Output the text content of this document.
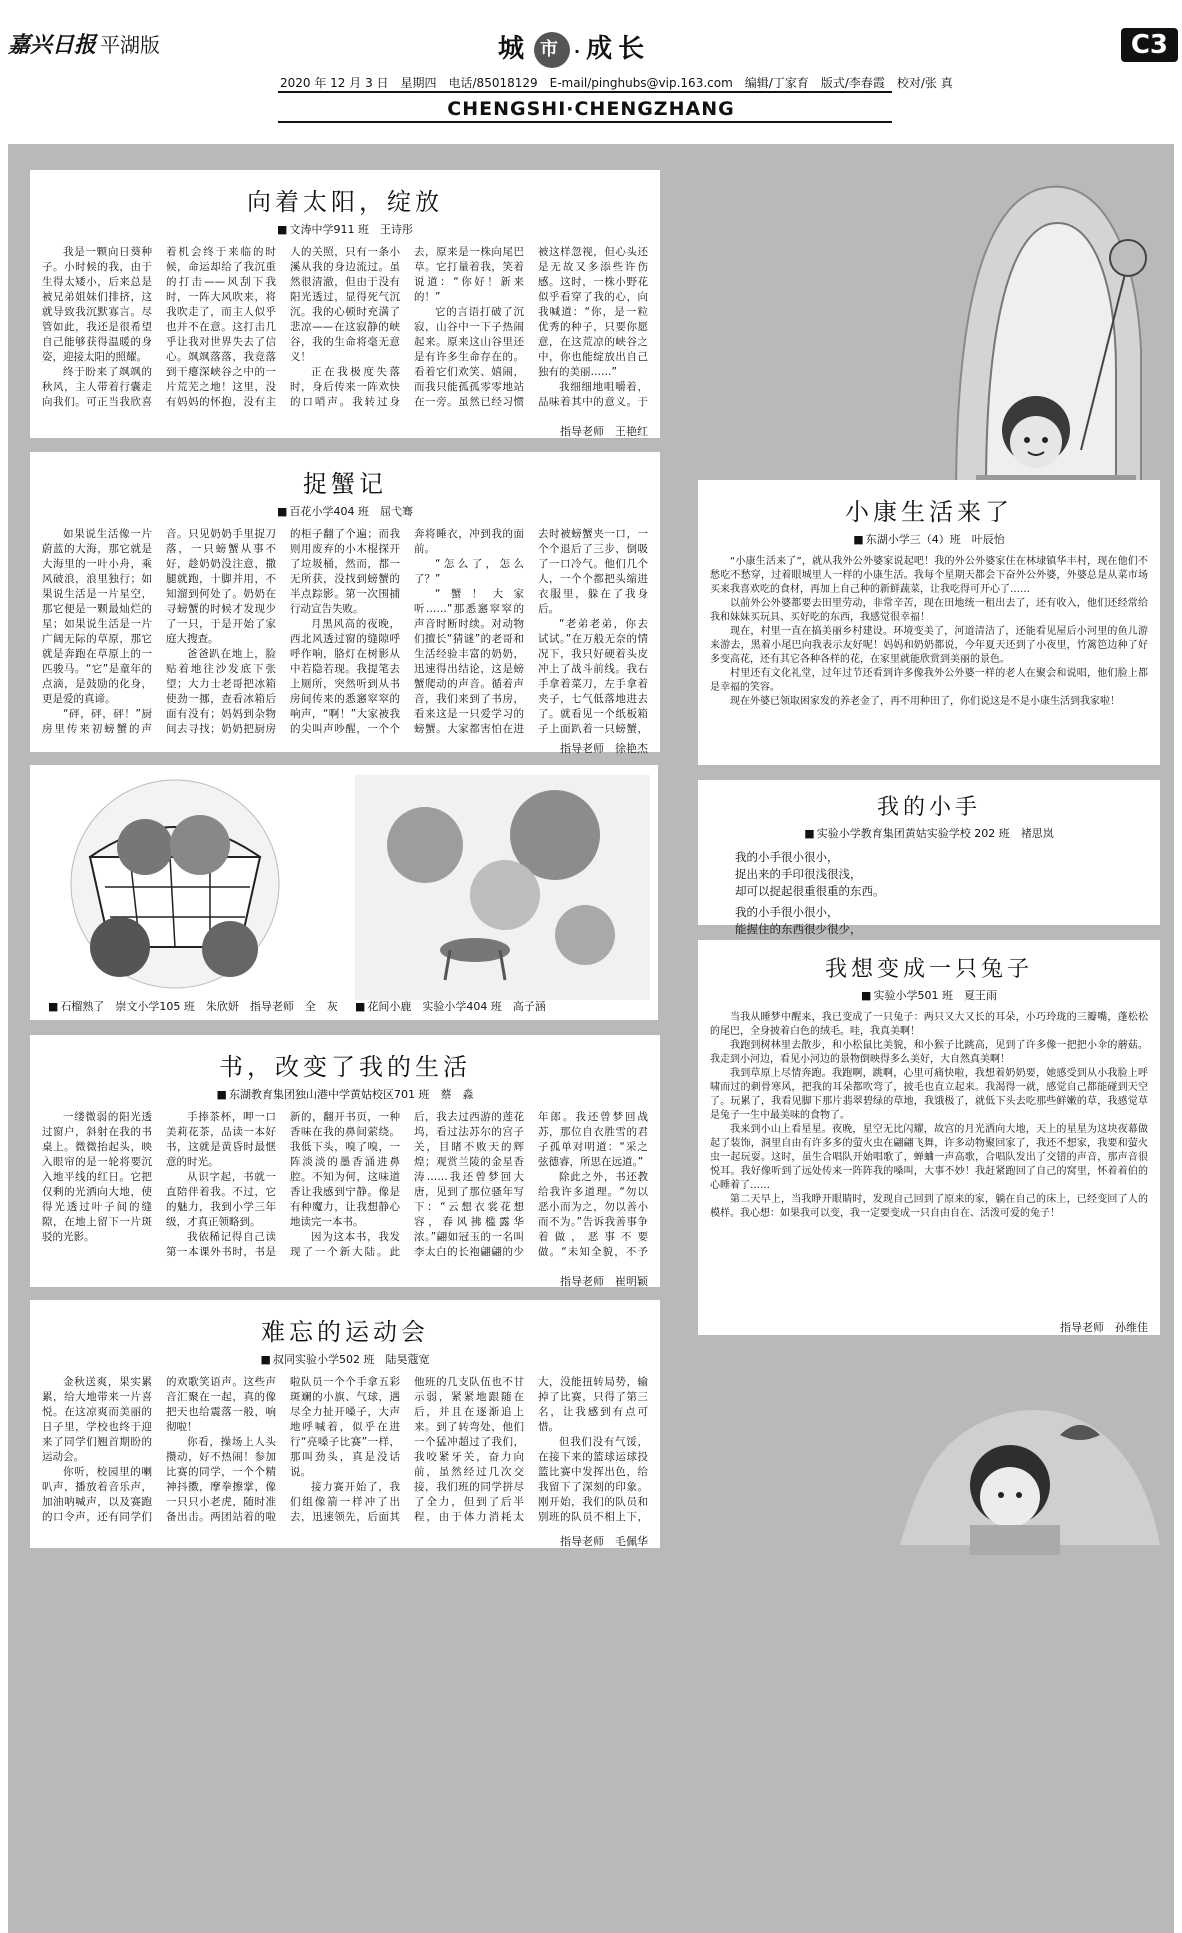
嘉兴日报 平湖版	城 市 ·成长	C3
2020 年 12 月 3 日　星期四　电话/85018129　E-mail/pinghubs@vip.163.com　编辑/丁家育　版式/李春霞　校对/张 真
CHENGSHI·CHENGZHANG
向着太阳，绽放
■ 文涛中学911 班　王诗彤

我是一颗向日葵种子。小时候的我，由于生得太矮小，后来总是被兄弟姐妹们排挤，这就导致我沉默寡言。尽管如此，我还是很希望自己能够获得温暖的身姿，迎接太阳的照耀。

终于盼来了飒飒的秋风，主人带着行囊走向我们。可正当我欣喜着机会终于来临的时候，命运却给了我沉重的打击——风刮下我时，一阵大风吹来，将我吹走了，而主人似乎也并不在意。这打击几乎让我对世界失去了信心。飒飒落落，我竟落到干瘪深峡谷之中的一片荒芜之地！这里，没有妈妈的怀抱，没有主人的关照，只有一条小溪从我的身边流过。虽然很清澈，但由于没有阳光透过，显得死气沉沉。我的心顿时充满了悲凉——在这寂静的峡谷，我的生命将毫无意义！

正在我极度失落时，身后传来一阵欢快的口哨声。我转过身去，原来是一株向尾巴草。它打量着我，笑着说道：“你好！新来的！”

它的言语打破了沉寂，山谷中一下子热闹起来。原来这山谷里还是有许多生命存在的。看着它们欢笑、嬉闹，而我只能孤孤零零地站在一旁。虽然已经习惯被这样忽视，但心头还是无故又多添些许伤感。这时，一株小野花似乎看穿了我的心，向我喊道：“你，是一粒优秀的种子，只要你愿意，在这荒凉的峡谷之中，你也能绽放出自己独有的美丽……”

我细细地咀嚼着，品味着其中的意义。于

指导老师　王艳红
捉蟹记
■ 百花小学404 班　屈弋骞

如果说生活像一片蔚蓝的大海，那它就是大海里的一叶小舟，乘风破浪，浪里独行；如果说生活是一片星空，那它便是一颗最灿烂的星；如果说生活是一片广阔无际的草原，那它就是奔跑在草原上的一匹骏马。“它”是童年的点滴，是鼓励的化身，更是爱的真谛。

“砰，砰，砰！”厨房里传来初螃蟹的声音。只见奶奶手里捉刀落，一只螃蟹从事不好，趁奶奶没注意，撒腿就跑，十脚并用，不知溜到何处了。奶奶在寻螃蟹的时候才发现少了一只，于是开始了家庭大搜查。

爸爸趴在地上，脸贴着地往沙发底下张望；大力士老哥把冰箱使劲一挪，查看冰箱后面有没有；妈妈到杂物间去寻找；奶奶把厨房的柜子翻了个遍；而我则用废弃的小木棍探开了垃圾桶，然而，都一无所获，没找到螃蟹的半点踪影。第一次围捕行动宣告失败。

月黑风高的夜晚，西北风透过窗的缝隙呼呼作响，胳灯在树影从中若隐若现。我提笔去上厕所，突然听到从书房间传来的悉窸窣窣的响声，“啊！”大家被我的尖叫声吵醒，一个个奔将睡衣，冲到我的面前。

“怎么了，怎么了？”

“蟹！大家听……”那悉窸窣窣的声音时断时续。对动物们擅长“猜谜”的老哥和生活经验丰富的奶奶，迅速得出结论，这是螃蟹爬动的声音。循着声音，我们来到了书房，看来这是一只爱学习的螃蟹。大家都害怕在进去时被螃蟹夹一口，一个个退后了三步，倒吸了一口冷气。他们几个人，一个个都把头缩进衣服里，躲在了我身后。

“老弟老弟，你去试试。”在万般无奈的情况下，我只好硬着头皮冲上了战斗前线。我右手拿着菜刀，左手拿着夹子，七气低落地进去了。就看见一个纸板箱子上面趴着一只螃蟹，

指导老师　徐艳杰
小康生活来了
■ 东湖小学三（4）班　叶辰怡

“小康生活来了”，就从我外公外婆家说起吧！我的外公外婆家住在林埭镇华丰村，现在他们不愁吃不愁穿，过着眼城里人一样的小康生活。我每个星期天都会下奋外公外婆，外婆总是从菜市场买来我喜欢吃的食材，再加上自己种的新鲜蔬菜，让我吃得可开心了……

以前外公外婆都要去田里劳动，非常辛苦，现在田地统一租出去了，还有收入，他们还经常给我和妹妹买玩具、买好吃的东西，我感觉很幸福！

现在，村里一直在搞美丽乡村建设。环境变美了，河道清洁了，还能看见屋后小河里的鱼儿游来游去，黑着小尾巴向我表示友好呢！妈妈和奶奶都说，今年夏天还到了小夜里，竹篱笆边种了好多变高花，还有其它各种各样的花，在家里就能欣赏到美丽的景色。

村里还有文化礼堂，过年过节还看到许多像我外公外婆一样的老人在聚会和说唱，他们脸上都是幸福的笑容。

现在外婆已领取困家发的养老金了，再不用种田了，你们说这是不是小康生活到我家啦！

我的小手
■ 实验小学教育集团黄姑实验学校 202 班　褚思岚

我的小手很小很小，

捉出来的手印很浅很浅，

却可以捉起很重很重的东西。

我的小手很小很小，

能握住的东西很少很少，

■ 石榴熟了　崇文小学105 班　朱欣妍　指导老师　全　灰
■	花间小鹿　实验小学404 班　高子涵
我想变成一只兔子
■ 实验小学501 班　夏王雨

当我从睡梦中醒来，我已变成了一只兔子：两只又大又长的耳朵，小巧玲珑的三瓣嘴，蓬松松的尾巴，全身披着白色的绒毛。哇，我真美啊！

我跑到树林里去散步，和小松鼠比美貌，和小猴子比跳高，见到了许多像一把把小伞的蘑菇。我走到小河边，看见小河边的景物倒映得多么美好，大自然真美啊！

我到草原上尽情奔跑。我跑啊，跳啊，心里可痛快啦，我想着奶奶要，她感受到从小我脸上呼啸而过的刺骨寒风，把我的耳朵都吹弯了，披毛也直立起来。我渴得一就，感觉自己都能碰到天空了。玩累了，我看见脚下那片翡翠碧绿的草地，我饿极了，就低下头去吃那些鲜嫩的草，我感觉草是兔子一生中最美味的食物了。

我来到小山上看星星。夜晚，星空无比闪耀，故宫的月光洒向大地，天上的星星为这块夜幕做起了装饰，洞里自由有许多多的萤火虫在翩翩飞舞，许多动物聚回家了，我还不想家，我要和萤火虫一起玩耍。这时，虽生合唱队开始唱歌了，蝉蛐一声高歌，合唱队发出了交错的声音，那声音很悦耳。我好像听到了远处传来一阵阵我的嗓叫，大事不妙！我赶紧跑回了自己的窝里，怀着着伯的心睡着了……

第二天早上，当我睁开眼睛时，发现自己回到了原来的家，躺在自己的床上，已经变回了人的模样。我心想：如果我可以变，我一定要变成一只自由自在、活泼可爱的兔子！

指导老师　孙维佳
书，改变了我的生活
■ 东湖教育集团独山港中学黄姑校区701 班　蔡　淼

一缕微弱的阳光透过窗户，斜射在我的书桌上。微微抬起头，映入眼帘的是一轮将要沉入地平线的红日。它把仅剩的光洒向大地，使得光透过叶子间的缝隙，在地上留下一片斑驳的光影。

手捧茶杯，呷一口美莉花茶，品读一本好书，这就是黄昏时最惬意的时光。

从识字起，书就一直陪伴着我。不过，它的魅力，我到小学三年级，才真正领略到。

我依稀记得自己读第一本课外书时，书是新的，翻开书页，一种香味在我的鼻间萦绕。我低下头，嗅了嗅，一阵淡淡的墨香涌进鼻腔。不知为何，这味道香让我感到宁静。像是有种魔力，让我想静心地读完一本书。

因为这本书，我发现了一个新大陆。此后，我去过西游的莲花坞，看过法苏尔的宫子关，目睹不败天的辉煌；观赏兰陵的金星香涛……我还曾梦回大唐，见到了那位骚年写下：“云想衣裳花想容，春风拂槛露华浓。”翩如冠玉的一名叫李太白的长袍翩翩的少年郎。我还曾梦回战苏，那位自衣胜雪的君子孤单对明道：“采之弦德睿，所思在远道。”

除此之外，书还教给我许多道理。“勿以恶小而为之，勿以善小而不为。”告诉我善事争着做，恶事不要做。“未知全貌，不予

指导老师　崔明颖
难忘的运动会
■ 叔同实验小学502 班　陆昊蔻宽

金秋送爽，果实累累，给大地带来一片喜悦。在这凉爽而美丽的日子里，学校也终于迎来了同学们翘首期盼的运动会。

你听，校园里的喇叭声，播放着音乐声，加油呐喊声，以及赛跑的口令声，还有同学们的欢歌笑语声。这些声音汇聚在一起，真的像把天也给震落一般，响彻啦！

你看，操场上人头攒动，好不热闹！参加比赛的同学，一个个精神抖擞，摩拳擦掌，像一只只小老虎，随时准备出击。两团站着的啦啦队员一个个手拿五彩斑斓的小旗、气球，遇尽全力扯开嗓子，大声地呼喊着，似乎在进行“亮嗓子比赛”一样，那叫劲头，真是没话说。

接力赛开始了，我们组像箭一样冲了出去，迅速领先，后面其他班的几支队伍也不甘示弱，紧紧地跟随在后，并且在逐渐追上来。到了转弯处，他们一个猛冲超过了我们，我咬紧牙关，奋力向前，虽然经过几次交接，我们班的同学拼尽了全力，但到了后半程，由于体力消耗太大，没能扭转局势，输掉了比赛，只得了第三名，让我感到有点可惜。

但我们没有气馁，在接下来的篮球运球投篮比赛中发挥出色，给我留下了深刻的印象。刚开始，我们的队员和别班的队员不相上下，

指导老师　毛佩华
